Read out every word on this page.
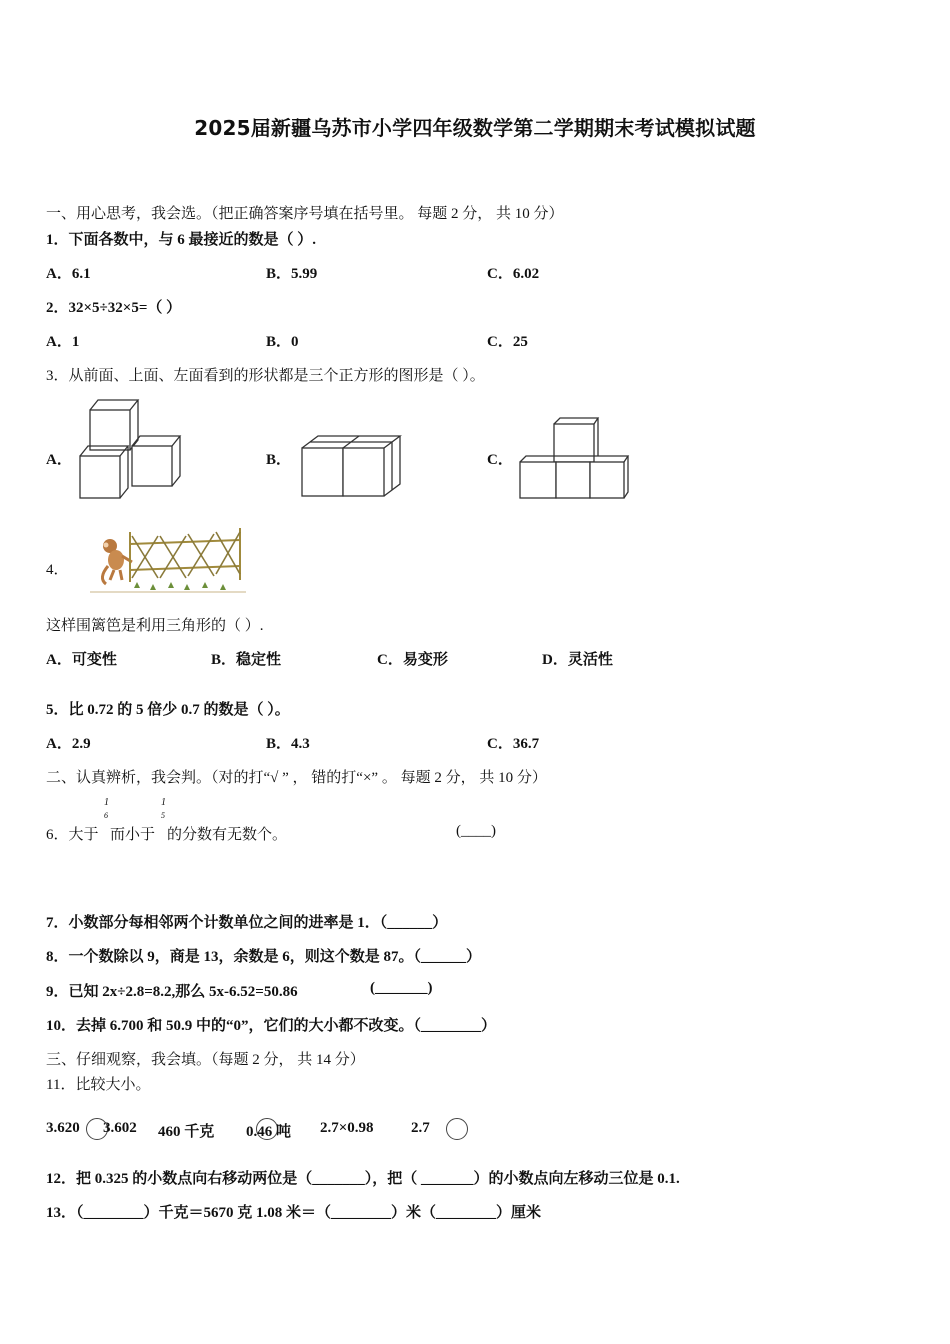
2025届新疆乌苏市小学四年级数学第二学期期末考试模拟试题
一、用心思考，我会选。（把正确答案序号填在括号里。 每题 2 分， 共 10 分）
1．下面各数中，与 6 最接近的数是（ ）.
A．6.1	B．5.99	C．6.02
2．32×5÷32×5=（ ）
A．1	B．0	C．25
3．从前面、上面、左面看到的形状都是三个正方形的图形是（ ）。
A．	B．	C．
4．
这样围篱笆是利用三角形的（ ）.
A．可变性	B．稳定性	C．易变形	D．灵活性
5．比 0.72 的 5 倍少 0.7 的数是（ ）。
A．2.9	B．4.3	C．36.7
二、认真辨析，我会判。（对的打“√ ” ， 错的打“×” 。 每题 2 分， 共 10 分）
6．大于
1
6
而小于
1
5
的分数有无数个。	(____)
7．小数部分每相邻两个计数单位之间的进率是 1．（______）
8．一个数除以 9，商是 13，余数是 6，则这个数是 87。（______）
9．已知 2x÷2.8=8.2,那么 5x-6.52=50.86	(_______)
10．去掉 6.700 和 50.9 中的“0”，它们的大小都不改变。（________）
三、仔细观察，我会填。（每题 2 分， 共 14 分）
11．比较大小。
3.620
3.602 460 千克
0.46 吨 2.7×0.98 2.7
12．把 0.325 的小数点向右移动两位是（_______），把（ _______）的小数点向左移动三位是 0.1.
13．（________）千克＝5670 克 1.08 米＝（________）米（________）厘米
